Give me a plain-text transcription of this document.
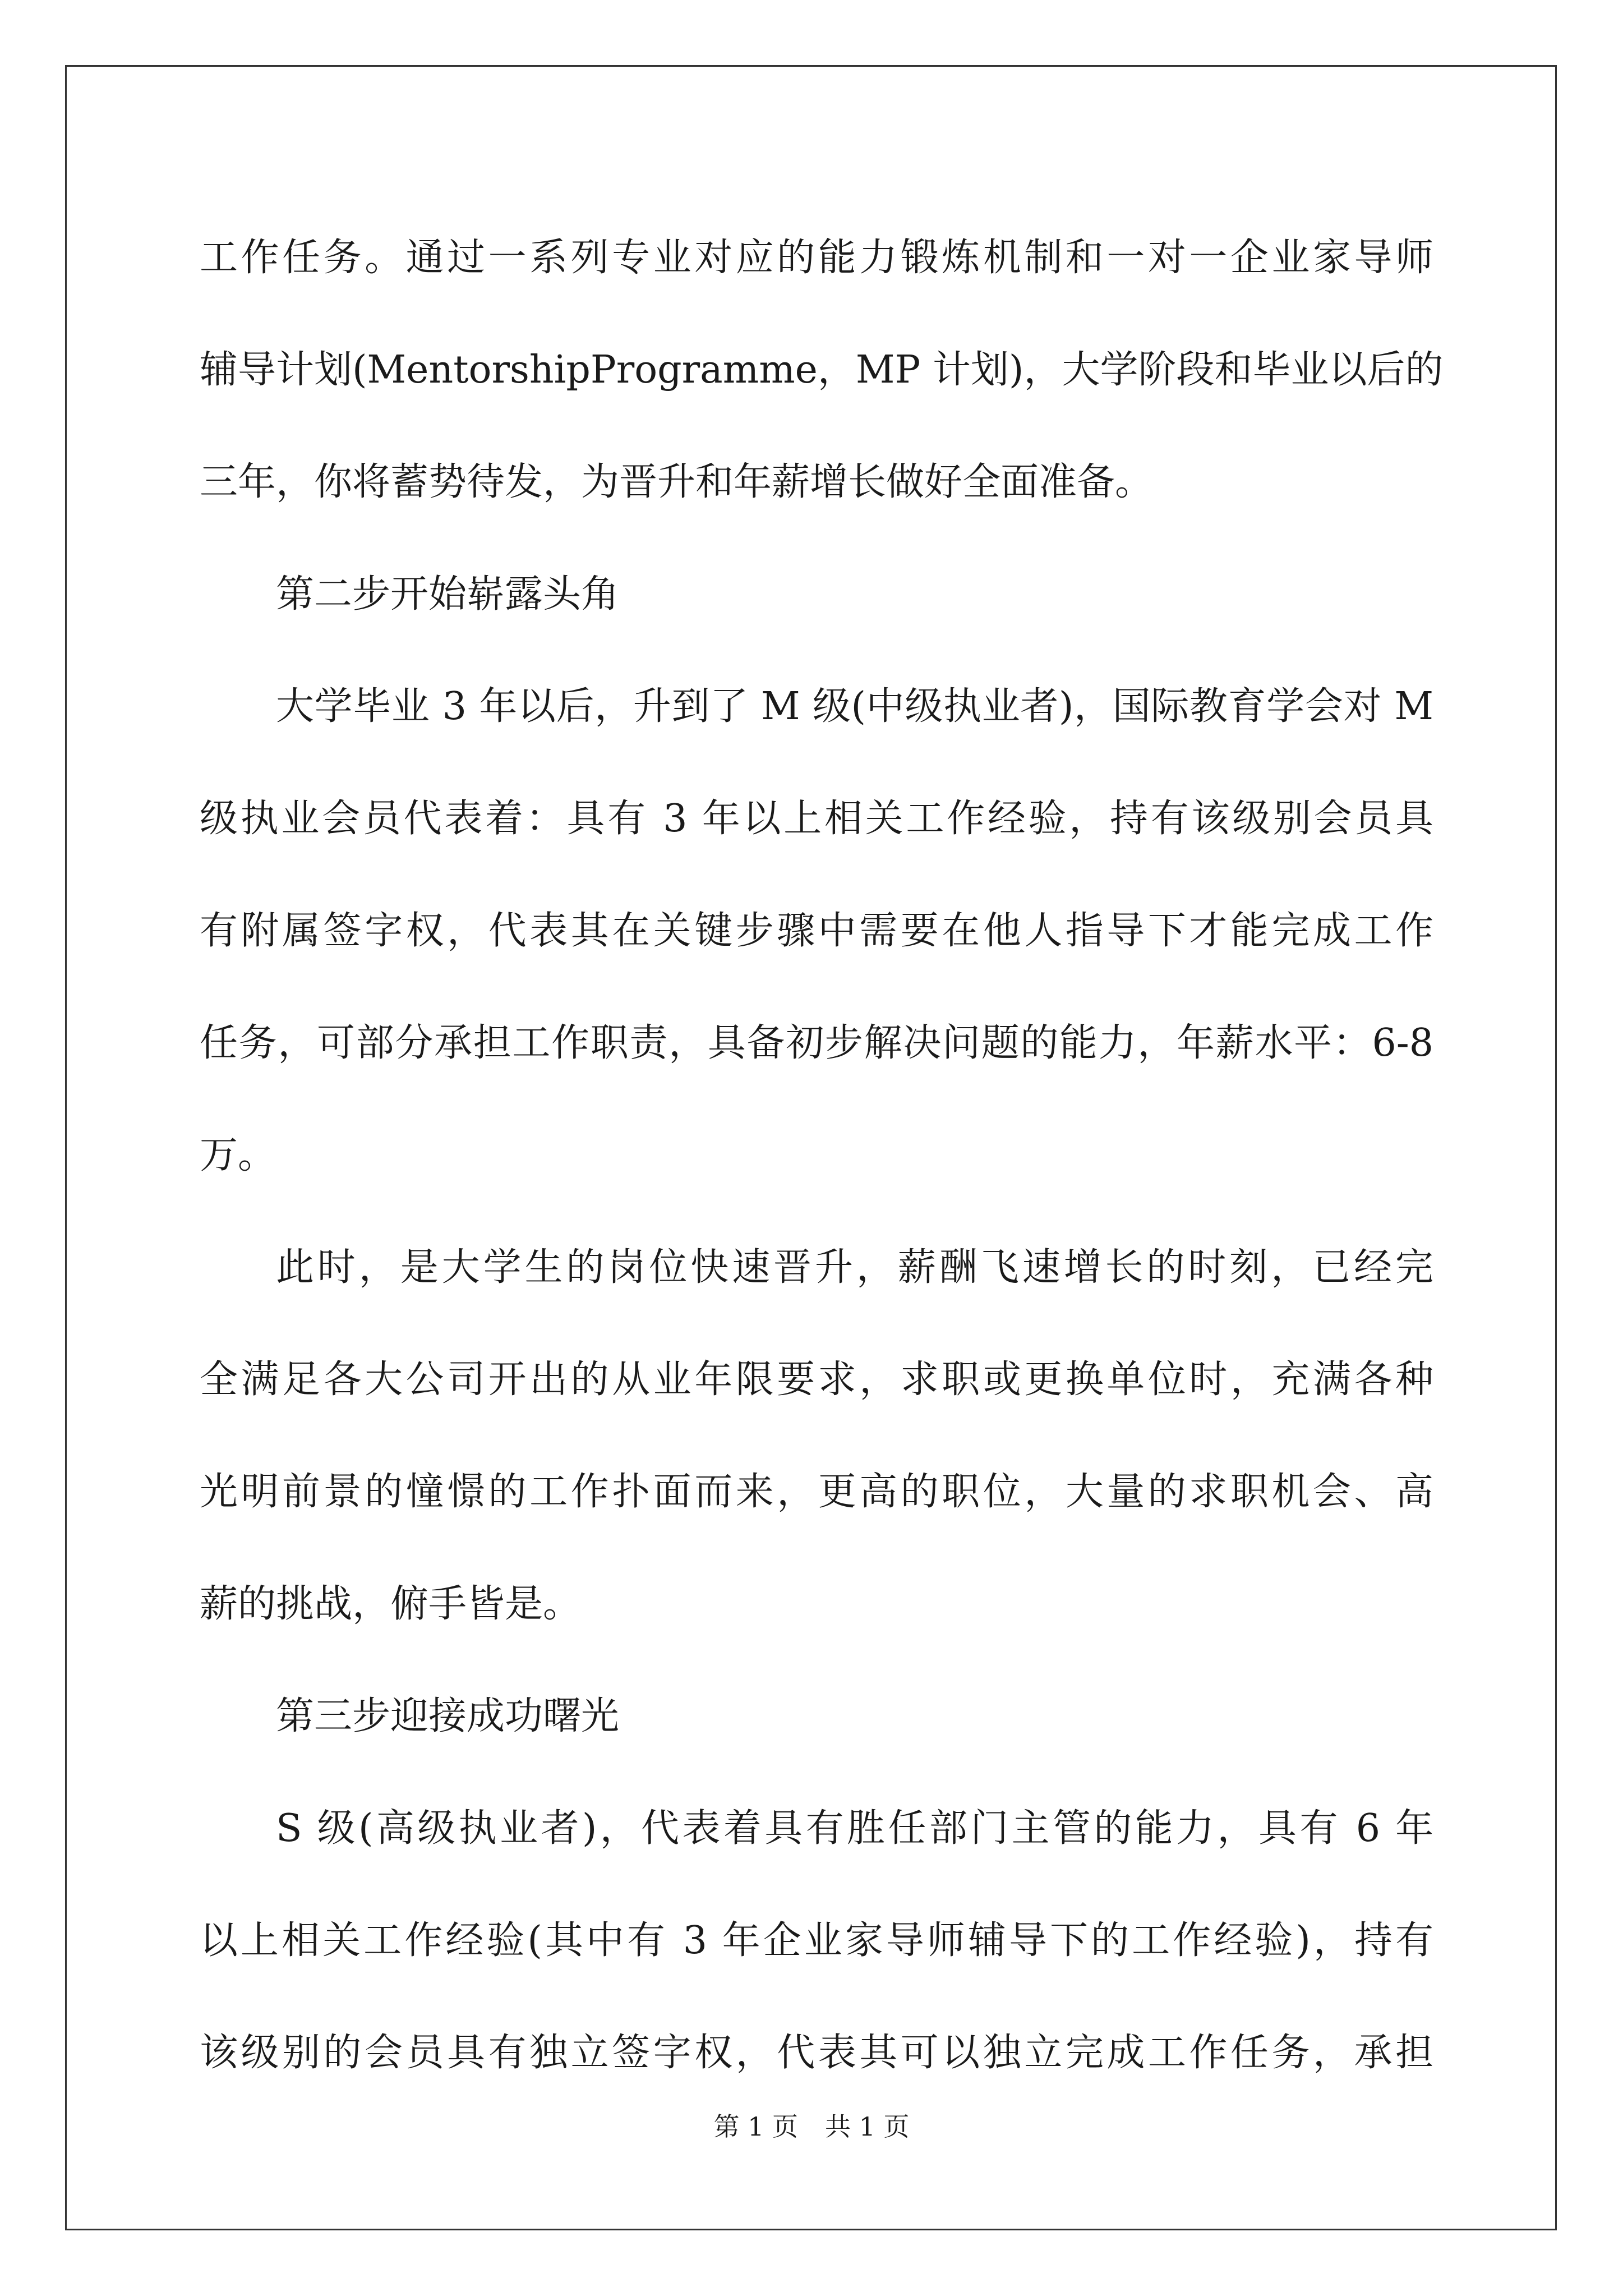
工作任务。通过一系列专业对应的能力锻炼机制和一对一企业家导师
辅导计划(MentorshipProgramme，MP 计划)，大学阶段和毕业以后的
三年，你将蓄势待发，为晋升和年薪增长做好全面准备。
第二步开始崭露头角
大学毕业 3 年以后，升到了 M 级(中级执业者)，国际教育学会对 M
级执业会员代表着：具有 3 年以上相关工作经验，持有该级别会员具
有附属签字权，代表其在关键步骤中需要在他人指导下才能完成工作
任务，可部分承担工作职责，具备初步解决问题的能力，年薪水平：6-8
万。
此时，是大学生的岗位快速晋升，薪酬飞速增长的时刻，已经完
全满足各大公司开出的从业年限要求，求职或更换单位时，充满各种
光明前景的憧憬的工作扑面而来，更高的职位，大量的求职机会、高
薪的挑战，俯手皆是。
第三步迎接成功曙光
S 级(高级执业者)，代表着具有胜任部门主管的能力，具有 6 年
以上相关工作经验(其中有 3 年企业家导师辅导下的工作经验)，持有
该级别的会员具有独立签字权，代表其可以独立完成工作任务，承担
第 1 页 共 1 页
